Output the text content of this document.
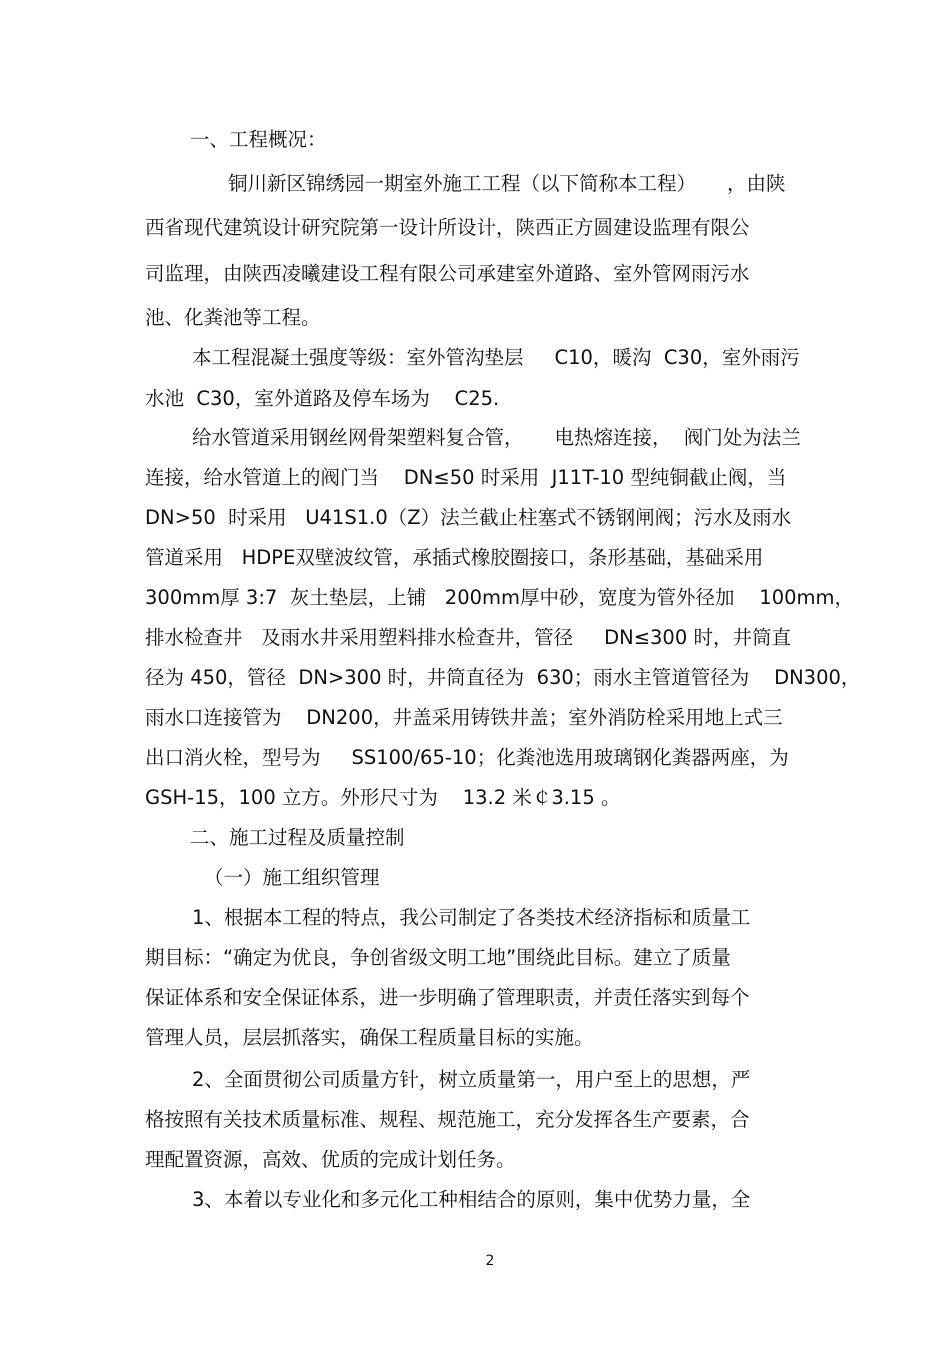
一、工程概况：

铜川新区锦绣园一期室外施工工程（以下简称本工程）     ，由陕

西省现代建筑设计研究院第一设计所设计，陕西正方圆建设监理有限公

司监理，由陕西凌曦建设工程有限公司承建室外道路、室外管网雨污水

池、化粪池等工程。

本工程混凝土强度等级：室外管沟垫层     C10，暖沟  C30，室外雨污

水池  C30，室外道路及停车场为    C25.

给水管道采用钢丝网骨架塑料复合管，     电热熔连接，  阀门处为法兰

连接，给水管道上的阀门当    DN≤50 时采用  J11T-10 型纯铜截止阀，当

DN>50  时采用   U41S1.0（Z）法兰截止柱塞式不锈钢闸阀；污水及雨水

管道采用   HDPE双壁波纹管，承插式橡胶圈接口，条形基础，基础采用

300mm厚 3:7  灰土垫层，上铺   200mm厚中砂，宽度为管外径加    100mm，

排水检查井   及雨水井采用塑料排水检查井，管径     DN≤300 时，井筒直

径为 450，管径  DN>300 时，井筒直径为  630；雨水主管道管径为    DN300，

雨水口连接管为    DN200，井盖采用铸铁井盖；室外消防栓采用地上式三

出口消火栓，型号为     SS100/65-10；化粪池选用玻璃钢化粪器两座，为

GSH-15，100 立方。外形尺寸为    13.2 米￠3.15 。

二、施工过程及质量控制

（一）施工组织管理

1、根据本工程的特点，我公司制定了各类技术经济指标和质量工

期目标：“确定为优良，争创省级文明工地”围绕此目标。建立了质量

保证体系和安全保证体系，进一步明确了管理职责，并责任落实到每个

管理人员，层层抓落实，确保工程质量目标的实施。

2、全面贯彻公司质量方针，树立质量第一，用户至上的思想，严

格按照有关技术质量标准、规程、规范施工，充分发挥各生产要素，合

理配置资源，高效、优质的完成计划任务。

3、本着以专业化和多元化工种相结合的原则，集中优势力量，全

2
